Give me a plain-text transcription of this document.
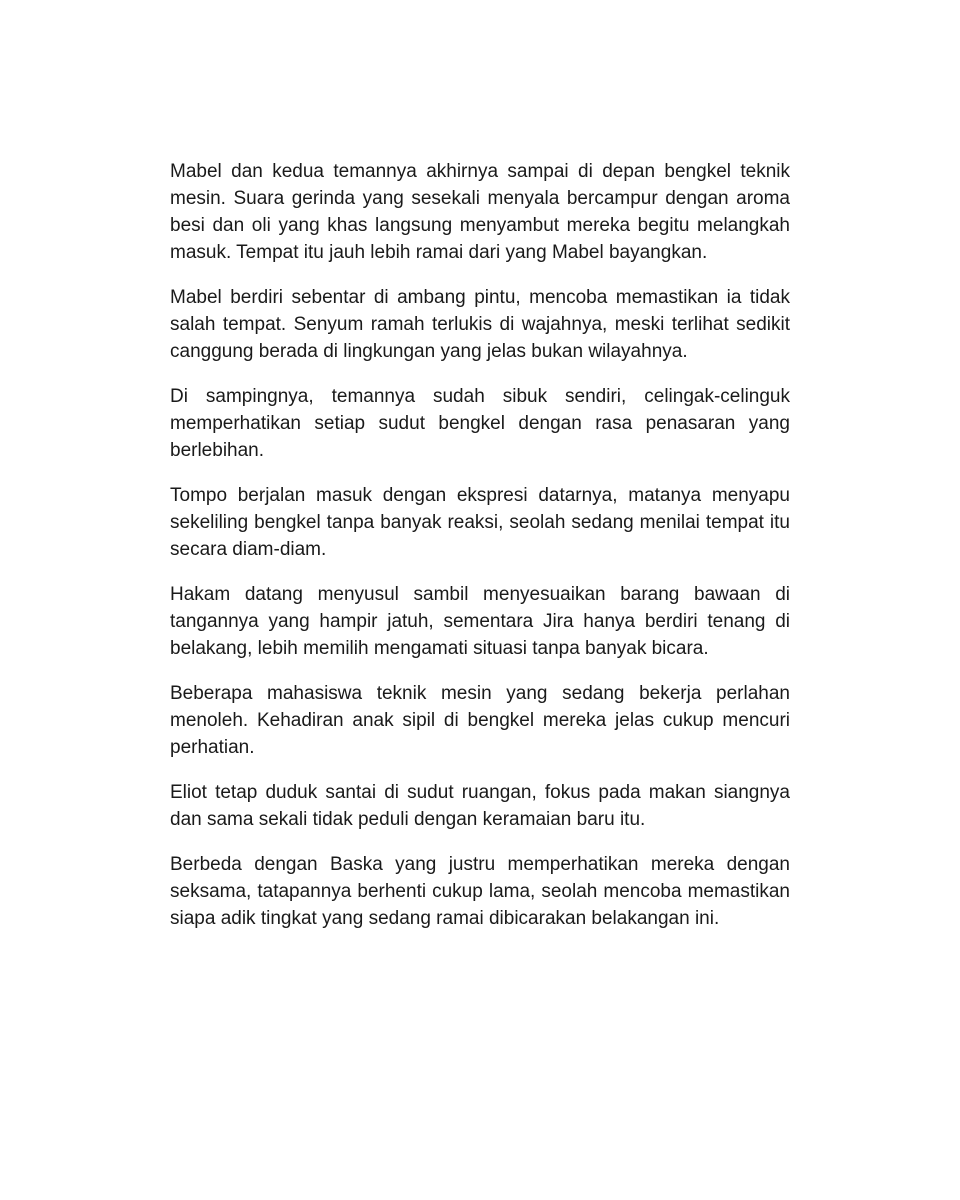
Mabel dan kedua temannya akhirnya sampai di depan bengkel teknik mesin. Suara gerinda yang sesekali menyala bercampur dengan aroma besi dan oli yang khas langsung menyambut mereka begitu melangkah masuk. Tempat itu jauh lebih ramai dari yang Mabel bayangkan.

Mabel berdiri sebentar di ambang pintu, mencoba memastikan ia tidak salah tempat. Senyum ramah terlukis di wajahnya, meski terlihat sedikit canggung berada di lingkungan yang jelas bukan wilayahnya.

Di sampingnya, temannya sudah sibuk sendiri, celingak-celinguk memperhatikan setiap sudut bengkel dengan rasa penasaran yang berlebihan.

Tompo berjalan masuk dengan ekspresi datarnya, matanya menyapu sekeliling bengkel tanpa banyak reaksi, seolah sedang menilai tempat itu secara diam-diam.

Hakam datang menyusul sambil menyesuaikan barang bawaan di tangannya yang hampir jatuh, sementara Jira hanya berdiri tenang di belakang, lebih memilih mengamati situasi tanpa banyak bicara.

Beberapa mahasiswa teknik mesin yang sedang bekerja perlahan menoleh. Kehadiran anak sipil di bengkel mereka jelas cukup mencuri perhatian.

Eliot tetap duduk santai di sudut ruangan, fokus pada makan siangnya dan sama sekali tidak peduli dengan keramaian baru itu.

Berbeda dengan Baska yang justru memperhatikan mereka dengan seksama, tatapannya berhenti cukup lama, seolah mencoba memastikan siapa adik tingkat yang sedang ramai dibicarakan belakangan ini.
